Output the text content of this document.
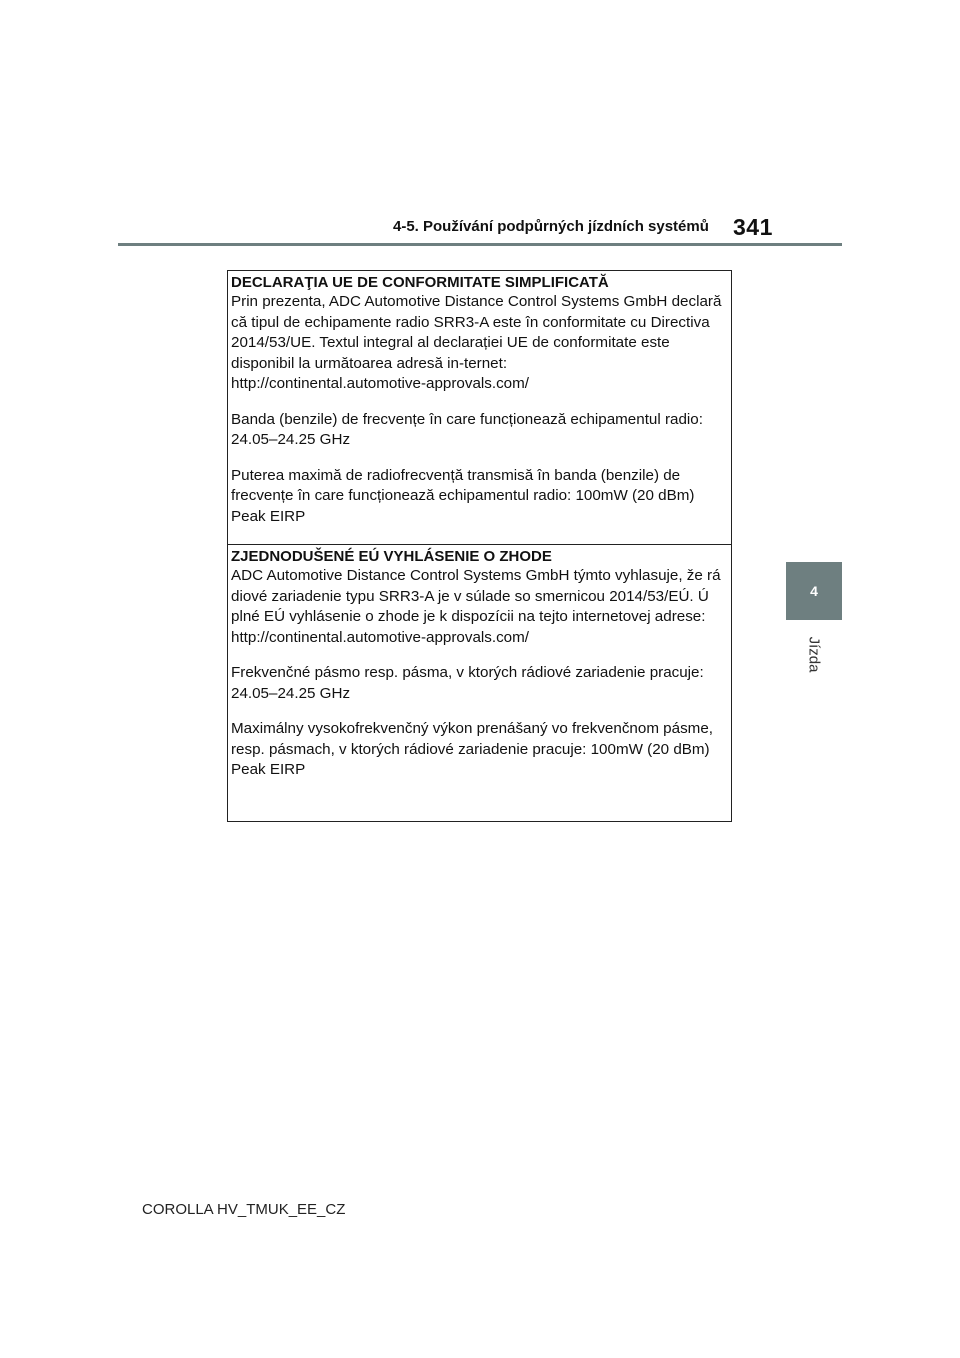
4-5. Používání podpůrných jízdních systémů 341
4
Jízda
DECLARAŢIA UE DE CONFORMITATE SIMPLIFICATĂ
Prin prezenta, ADC Automotive Distance Control Systems GmbH declară
că tipul de echipamente radio SRR3-A este în conformitate cu Directiva
2014/53/UE. Textul integral al declarației UE de conformitate este
disponibil la următoarea adresă in-ternet:
http://continental.automotive-approvals.com/
Banda (benzile) de frecvențe în care funcționează echipamentul radio:
24.05–24.25 GHz
Puterea maximă de radiofrecvență transmisă în banda (benzile) de
frecvențe în care funcționează echipamentul radio: 100mW (20 dBm)
Peak EIRP
ZJEDNODUŠENÉ EÚ VYHLÁSENIE O ZHODE
ADC Automotive Distance Control Systems GmbH týmto vyhlasuje, že rá
diové zariadenie typu SRR3-A je v súlade so smernicou 2014/53/EÚ. Ú
plné EÚ vyhlásenie o zhode je k dispozícii na tejto internetovej adrese:
http://continental.automotive-approvals.com/
Frekvenčné pásmo resp. pásma, v ktorých rádiové zariadenie pracuje:
24.05–24.25 GHz
Maximálny vysokofrekvenčný výkon prenášaný vo frekvenčnom pásme,
resp. pásmach, v ktorých rádiové zariadenie pracuje: 100mW (20 dBm)
Peak EIRP
COROLLA HV_TMUK_EE_CZ
